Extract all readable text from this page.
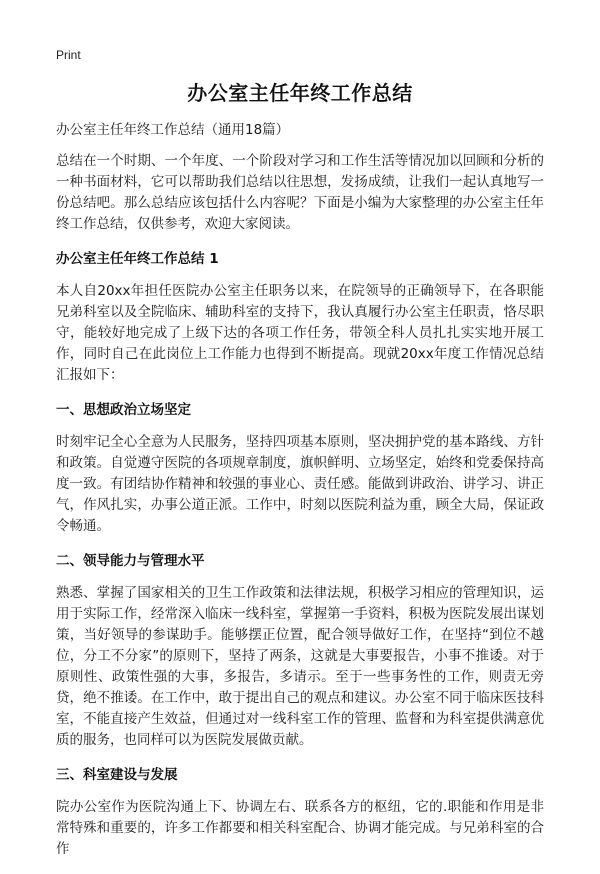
Print
办公室主任年终工作总结

办公室主任年终工作总结（通用18篇）

总结在一个时期、一个年度、一个阶段对学习和工作生活等情况加以回顾和分析的一种书面材料，它可以帮助我们总结以往思想，发扬成绩，让我们一起认真地写一份总结吧。那么总结应该包括什么内容呢？下面是小编为大家整理的办公室主任年终工作总结，仅供参考，欢迎大家阅读。

办公室主任年终工作总结 1

本人自20xx年担任医院办公室主任职务以来，在院领导的正确领导下，在各职能兄弟科室以及全院临床、辅助科室的支持下，我认真履行办公室主任职责，恪尽职守，能较好地完成了上级下达的各项工作任务，带领全科人员扎扎实实地开展工作，同时自己在此岗位上工作能力也得到不断提高。现就20xx年度工作情况总结汇报如下：

一、思想政治立场坚定

时刻牢记全心全意为人民服务，坚持四项基本原则，坚决拥护党的基本路线、方针和政策。自觉遵守医院的各项规章制度，旗帜鲜明、立场坚定，始终和党委保持高度一致。有团结协作精神和较强的事业心、责任感。能做到讲政治、讲学习、讲正气，作风扎实，办事公道正派。工作中，时刻以医院利益为重，顾全大局，保证政令畅通。

二、领导能力与管理水平

熟悉、掌握了国家相关的卫生工作政策和法律法规，积极学习相应的管理知识，运用于实际工作，经常深入临床一线科室，掌握第一手资料，积极为医院发展出谋划策，当好领导的参谋助手。能够摆正位置，配合领导做好工作，在坚持“到位不越位，分工不分家”的原则下，坚持了两条，这就是大事要报告，小事不推诿。对于原则性、政策性强的大事，多报告，多请示。至于一些事务性的工作，则责无旁贷，绝不推诿。在工作中，敢于提出自己的观点和建议。办公室不同于临床医技科室，不能直接产生效益，但通过对一线科室工作的管理、监督和为科室提供满意优质的服务，也同样可以为医院发展做贡献。

三、科室建设与发展

院办公室作为医院沟通上下、协调左右、联系各方的枢纽，它的.职能和作用是非常特殊和重要的，许多工作都要和相关科室配合、协调才能完成。与兄弟科室的合作
